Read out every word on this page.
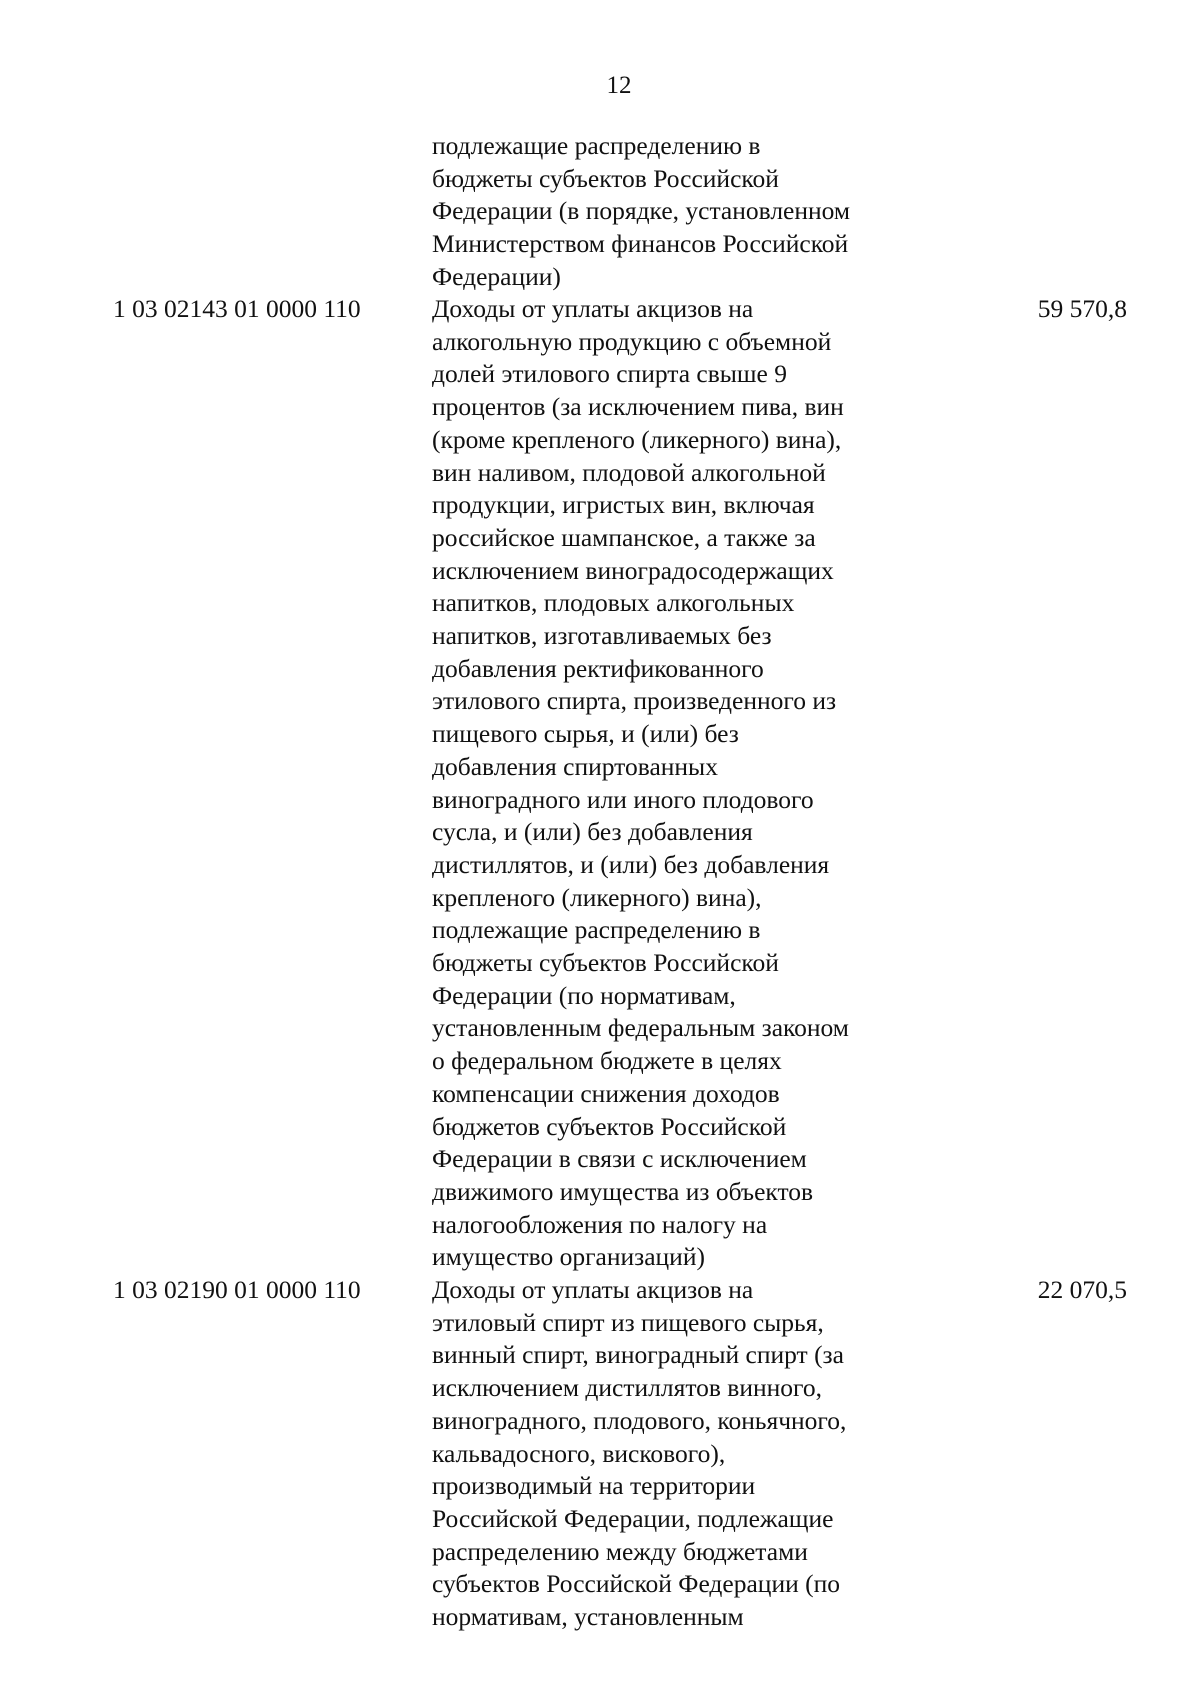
12
подлежащие распределению в
бюджеты субъектов Российской
Федерации (в порядке, установленном
Министерством финансов Российской
Федерации)
1 03 02143 01 0000 110	Доходы от уплаты акцизов на
алкогольную продукцию с объемной
долей этилового спирта свыше 9
процентов (за исключением пива, вин
(кроме крепленого (ликерного) вина),
вин наливом, плодовой алкогольной
продукции, игристых вин, включая
российское шампанское, а также за
исключением виноградосодержащих
напитков, плодовых алкогольных
напитков, изготавливаемых без
добавления ректификованного
этилового спирта, произведенного из
пищевого сырья, и (или) без
добавления спиртованных
виноградного или иного плодового
сусла, и (или) без добавления
дистиллятов, и (или) без добавления
крепленого (ликерного) вина),
подлежащие распределению в
бюджеты субъектов Российской
Федерации (по нормативам,
установленным федеральным законом
о федеральном бюджете в целях
компенсации снижения доходов
бюджетов субъектов Российской
Федерации в связи с исключением
движимого имущества из объектов
налогообложения по налогу на
имущество организаций)
59 570,8
1 03 02190 01 0000 110	Доходы от уплаты акцизов на
этиловый спирт из пищевого сырья,
винный спирт, виноградный спирт (за
исключением дистиллятов винного,
виноградного, плодового, коньячного,
кальвадосного, вискового),
производимый на территории
Российской Федерации, подлежащие
распределению между бюджетами
субъектов Российской Федерации (по
нормативам, установленным
22 070,5
